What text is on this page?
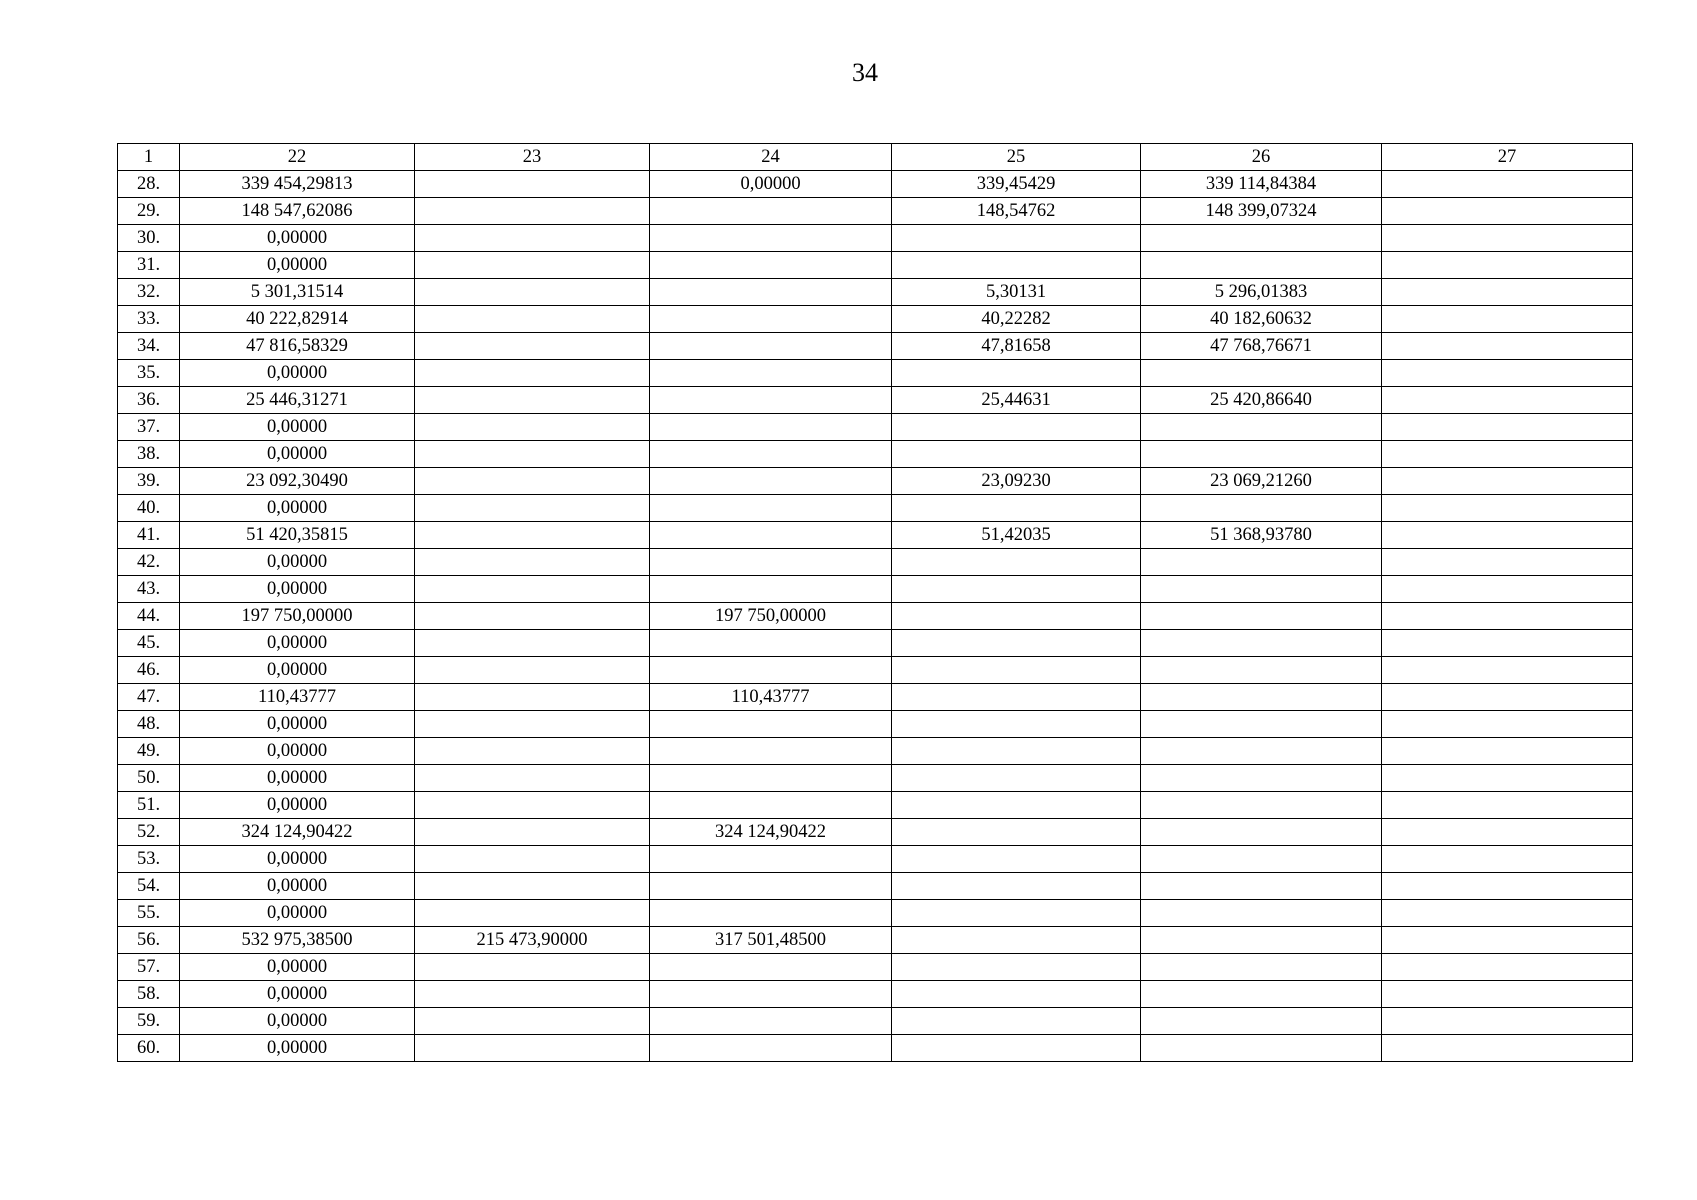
34
1	22	23	24	25	26	27
28.	339 454,29813		0,00000	339,45429	339 114,84384	
29.	148 547,62086			148,54762	148 399,07324	
30.	0,00000					
31.	0,00000					
32.	5 301,31514			5,30131	5 296,01383	
33.	40 222,82914			40,22282	40 182,60632	
34.	47 816,58329			47,81658	47 768,76671	
35.	0,00000					
36.	25 446,31271			25,44631	25 420,86640	
37.	0,00000					
38.	0,00000					
39.	23 092,30490			23,09230	23 069,21260	
40.	0,00000					
41.	51 420,35815			51,42035	51 368,93780	
42.	0,00000					
43.	0,00000					
44.	197 750,00000		197 750,00000			
45.	0,00000					
46.	0,00000					
47.	110,43777		110,43777			
48.	0,00000					
49.	0,00000					
50.	0,00000					
51.	0,00000					
52.	324 124,90422		324 124,90422			
53.	0,00000					
54.	0,00000					
55.	0,00000					
56.	532 975,38500	215 473,90000	317 501,48500			
57.	0,00000					
58.	0,00000					
59.	0,00000					
60.	0,00000					
